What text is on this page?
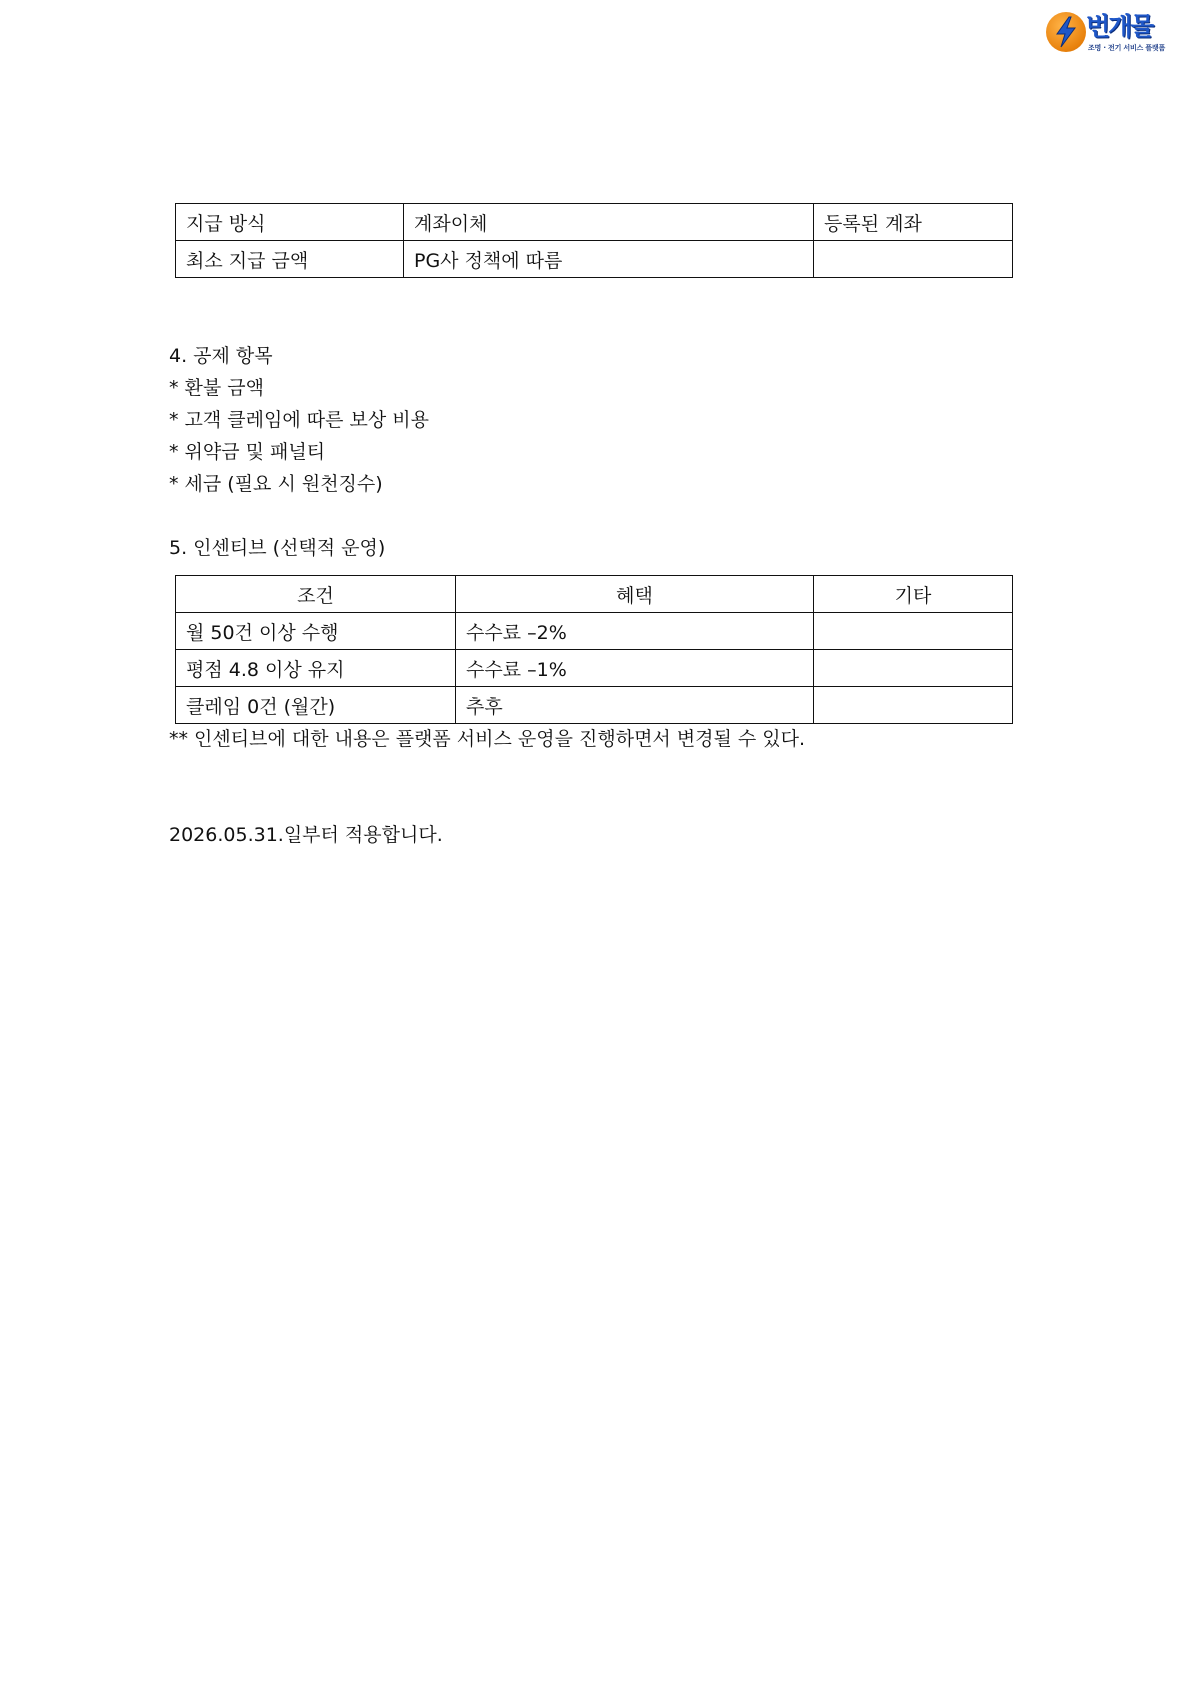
번개몰
조명 · 전기 서비스 플랫폼
지급 방식	계좌이체	등록된 계좌
최소 지급 금액	PG사 정책에 따름	
4. 공제 항목
* 환불 금액
* 고객 클레임에 따른 보상 비용
* 위약금 및 패널티
* 세금 (필요 시 원천징수)
5. 인센티브 (선택적 운영)
조건	혜택	기타
월 50건 이상 수행	수수료 –2%	
평점 4.8 이상 유지	수수료 –1%	
클레임 0건 (월간)	추후	
** 인센티브에 대한 내용은 플랫폼 서비스 운영을 진행하면서 변경될 수 있다.
2026.05.31.일부터 적용합니다.
